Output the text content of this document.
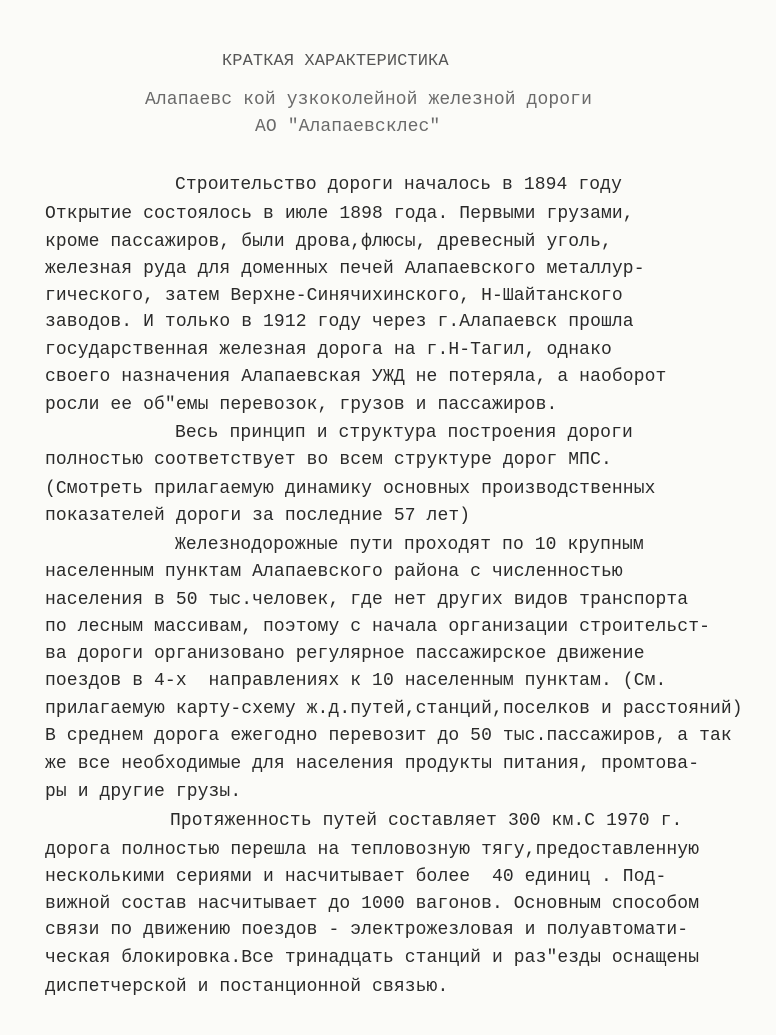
КРАТКАЯ ХАРАКТЕРИСТИКА
Алапаевс кой узкоколейной железной дороги
АО "Алапаевсклес"
Строительство дороги началось в 1894 году
Открытие состоялось в июле 1898 года. Первыми грузами,
кроме пассажиров, были дрова,флюсы, древесный уголь,
железная руда для доменных печей Алапаевского металлур-
гического, затем Верхне-Синячихинского, Н-Шайтанского
заводов. И только в 1912 году через г.Алапаевск прошла
государственная железная дорога на г.Н-Тагил, однако
своего назначения Алапаевская УЖД не потеряла, а наоборот
росли ее об"емы перевозок, грузов и пассажиров.
Весь принцип и структура построения дороги
полностью соответствует во всем структуре дорог МПС.
(Смотреть прилагаемую динамику основных производственных
показателей дороги за последние 57 лет)
Железнодорожные пути проходят по 10 крупным
населенным пунктам Алапаевского района с численностью
населения в 50 тыс.человек, где нет других видов транспорта
по лесным массивам, поэтому с начала организации строительст-
ва дороги организовано регулярное пассажирское движение
поездов в 4-х  направлениях к 10 населенным пунктам. (См.
прилагаемую карту-схему ж.д.путей,станций,поселков и расстояний)
В среднем дорога ежегодно перевозит до 50 тыс.пассажиров, а так
же все необходимые для населения продукты питания, промтова-
ры и другие грузы.
Протяженность путей составляет 300 км.С 1970 г.
дорога полностью перешла на тепловозную тягу,предоставленную
несколькими сериями и насчитывает более  40 единиц . Под-
вижной состав насчитывает до 1000 вагонов. Основным способом
связи по движению поездов - электрожезловая и полуавтомати-
ческая блокировка.Все тринадцать станций и раз"езды оснащены
диспетчерской и постанционной связью.
